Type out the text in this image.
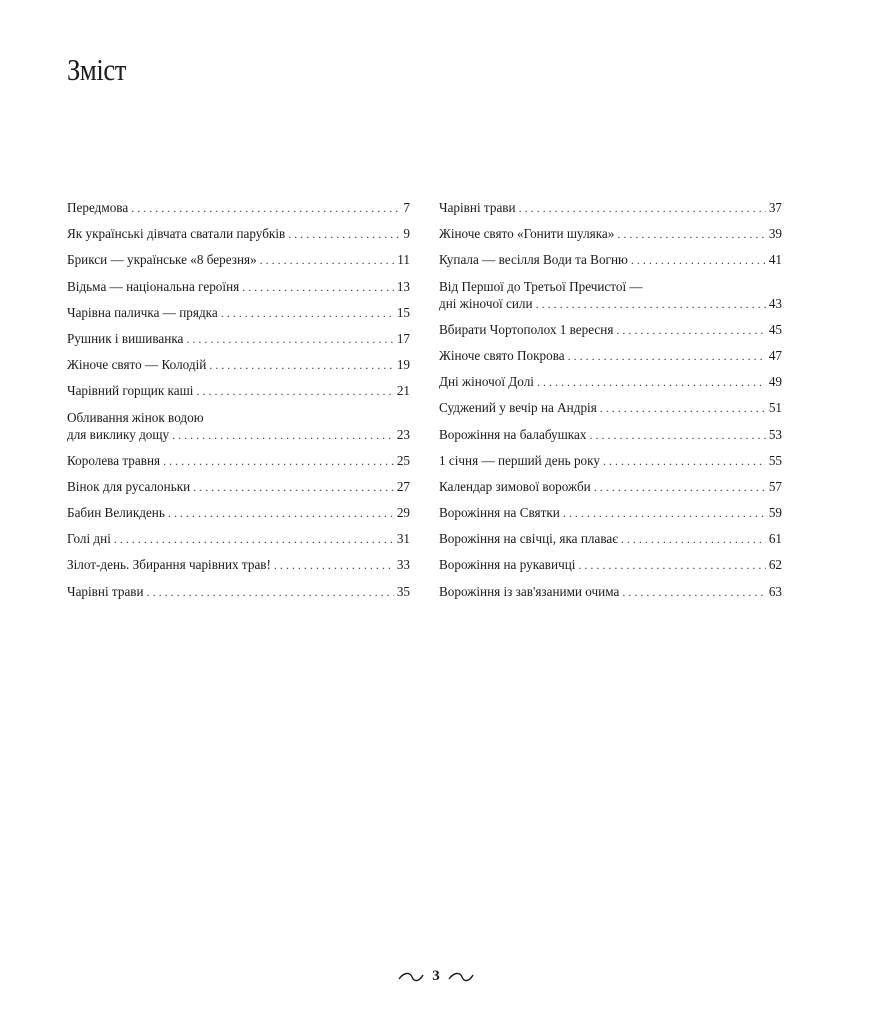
Зміст
Передмова . . .	7
Як українські дівчата сватали парубків . . .	9
Брикси — українське «8 березня» . . .	11
Відьма — національна героїня . . .	13
Чарівна паличка — прядка . . .	15
Рушник і вишиванка . . .	17
Жіноче свято — Колодій . . .	19
Чарівний горщик каші . . .	21
Обливання жінок водою
для виклику дощу . . .	23
Королева травня . . .	25
Вінок для русалоньки . . .	27
Бабин Великдень . . .	29
Голі дні . . .	31
Зілот-день. Збирання чарівних трав! . . .	33
Чарівні трави . . .	35
Чарівні трави . . .	37
Жіноче свято «Гонити шуляка» . . .	39
Купала — весілля Води та Вогню . . .	41
Від Першої до Третьої Пречистої —
дні жіночої сили . . .	43
Вбирати Чортополох 1 вересня . . .	45
Жіноче свято Покрова . . .	47
Дні жіночої Долі . . .	49
Суджений у вечір на Андрія . . .	51
Ворожіння на балабушках . . .	53
1 січня — перший день року . . .	55
Календар зимової ворожби . . .	57
Ворожіння на Святки . . .	59
Ворожіння на свічці, яка плаває . . .	61
Ворожіння на рукавичці . . .	62
Ворожіння із зав'язаними очима . . .	63
3
